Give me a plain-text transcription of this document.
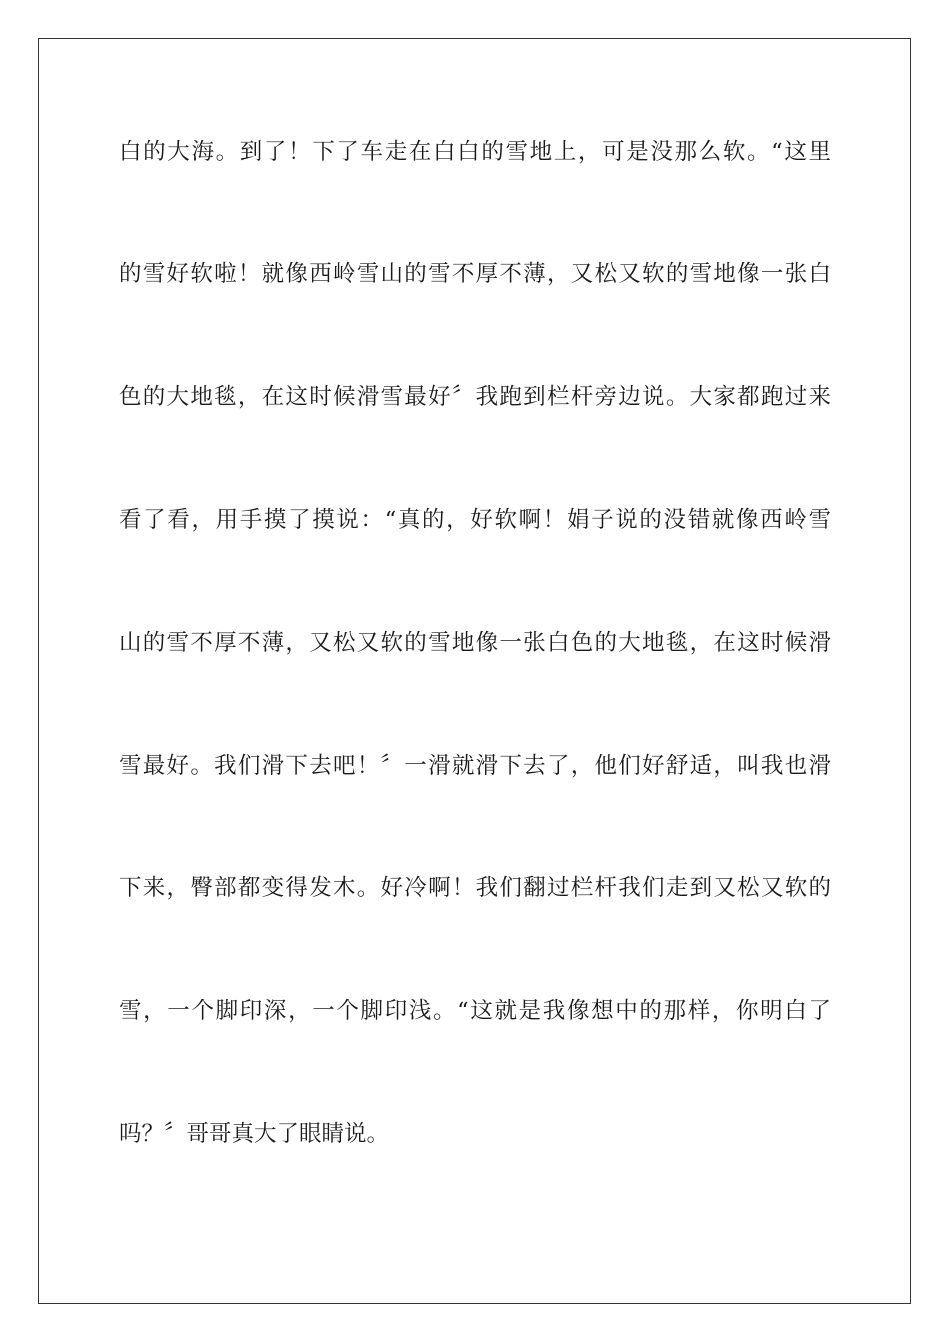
白的大海。到了！下了车走在白白的雪地上，可是没那么软。“这里
的雪好软啦！就像西岭雪山的雪不厚不薄，又松又软的雪地像一张白
色的大地毯，在这时候滑雪最好〞我跑到栏杆旁边说。大家都跑过来
看了看，用手摸了摸说：“真的，好软啊！娟子说的没错就像西岭雪
山的雪不厚不薄，又松又软的雪地像一张白色的大地毯，在这时候滑
雪最好。我们滑下去吧！〞一滑就滑下去了，他们好舒适，叫我也滑
下来，臀部都变得发木。好冷啊！我们翻过栏杆我们走到又松又软的
雪，一个脚印深，一个脚印浅。“这就是我像想中的那样，你明白了
吗？〞哥哥真大了眼睛说。
